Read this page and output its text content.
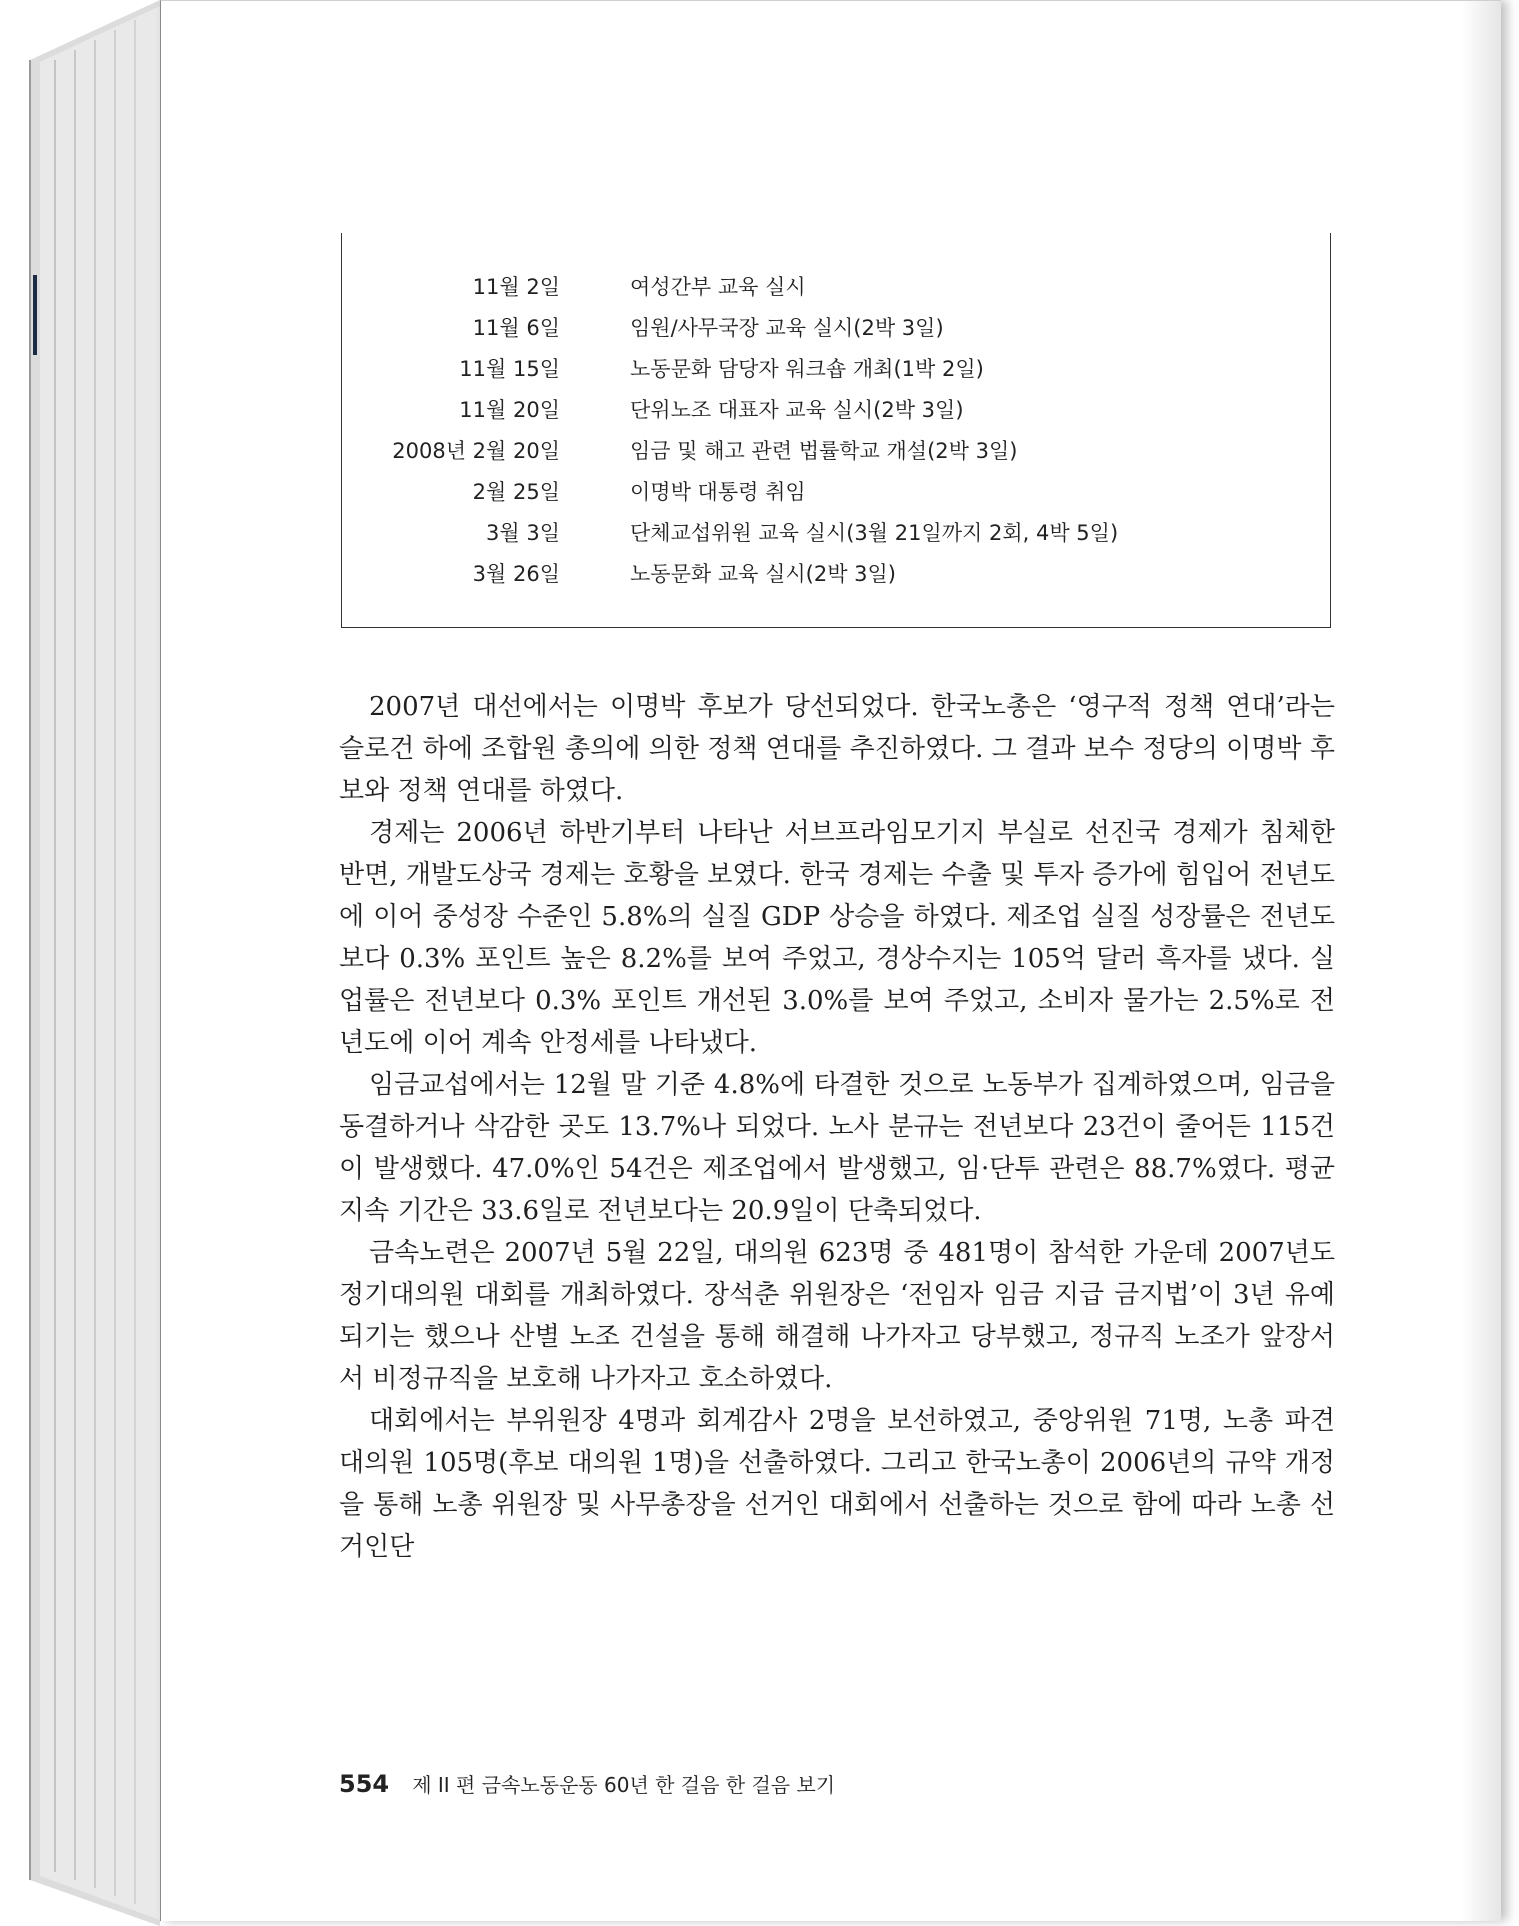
11월 2일	여성간부 교육 실시
11월 6일	임원/사무국장 교육 실시(2박 3일)
11월 15일	노동문화 담당자 워크숍 개최(1박 2일)
11월 20일	단위노조 대표자 교육 실시(2박 3일)
2008년 2월 20일	임금 및 해고 관련 법률학교 개설(2박 3일)
2월 25일	이명박 대통령 취임
3월 3일	단체교섭위원 교육 실시(3월 21일까지 2회, 4박 5일)
3월 26일	노동문화 교육 실시(2박 3일)

2007년 대선에서는 이명박 후보가 당선되었다. 한국노총은 ‘영구적 정책 연대’라는 슬로건 하에 조합원 총의에 의한 정책 연대를 추진하였다. 그 결과 보수 정당의 이명박 후보와 정책 연대를 하였다.

경제는 2006년 하반기부터 나타난 서브프라임모기지 부실로 선진국 경제가 침체한 반면, 개발도상국 경제는 호황을 보였다. 한국 경제는 수출 및 투자 증가에 힘입어 전년도에 이어 중성장 수준인 5.8%의 실질 GDP 상승을 하였다. 제조업 실질 성장률은 전년도보다 0.3% 포인트 높은 8.2%를 보여 주었고, 경상수지는 105억 달러 흑자를 냈다. 실업률은 전년보다 0.3% 포인트 개선된 3.0%를 보여 주었고, 소비자 물가는 2.5%로 전년도에 이어 계속 안정세를 나타냈다.

임금교섭에서는 12월 말 기준 4.8%에 타결한 것으로 노동부가 집계하였으며, 임금을 동결하거나 삭감한 곳도 13.7%나 되었다. 노사 분규는 전년보다 23건이 줄어든 115건이 발생했다. 47.0%인 54건은 제조업에서 발생했고, 임·단투 관련은 88.7%였다. 평균 지속 기간은 33.6일로 전년보다는 20.9일이 단축되었다.

금속노련은 2007년 5월 22일, 대의원 623명 중 481명이 참석한 가운데 2007년도 정기대의원 대회를 개최하였다. 장석춘 위원장은 ‘전임자 임금 지급 금지법’이 3년 유예되기는 했으나 산별 노조 건설을 통해 해결해 나가자고 당부했고, 정규직 노조가 앞장서서 비정규직을 보호해 나가자고 호소하였다.

대회에서는 부위원장 4명과 회계감사 2명을 보선하였고, 중앙위원 71명, 노총 파견 대의원 105명(후보 대의원 1명)을 선출하였다. 그리고 한국노총이 2006년의 규약 개정을 통해 노총 위원장 및 사무총장을 선거인 대회에서 선출하는 것으로 함에 따라 노총 선거인단

554 제 II 편 금속노동운동 60년 한 걸음 한 걸음 보기
